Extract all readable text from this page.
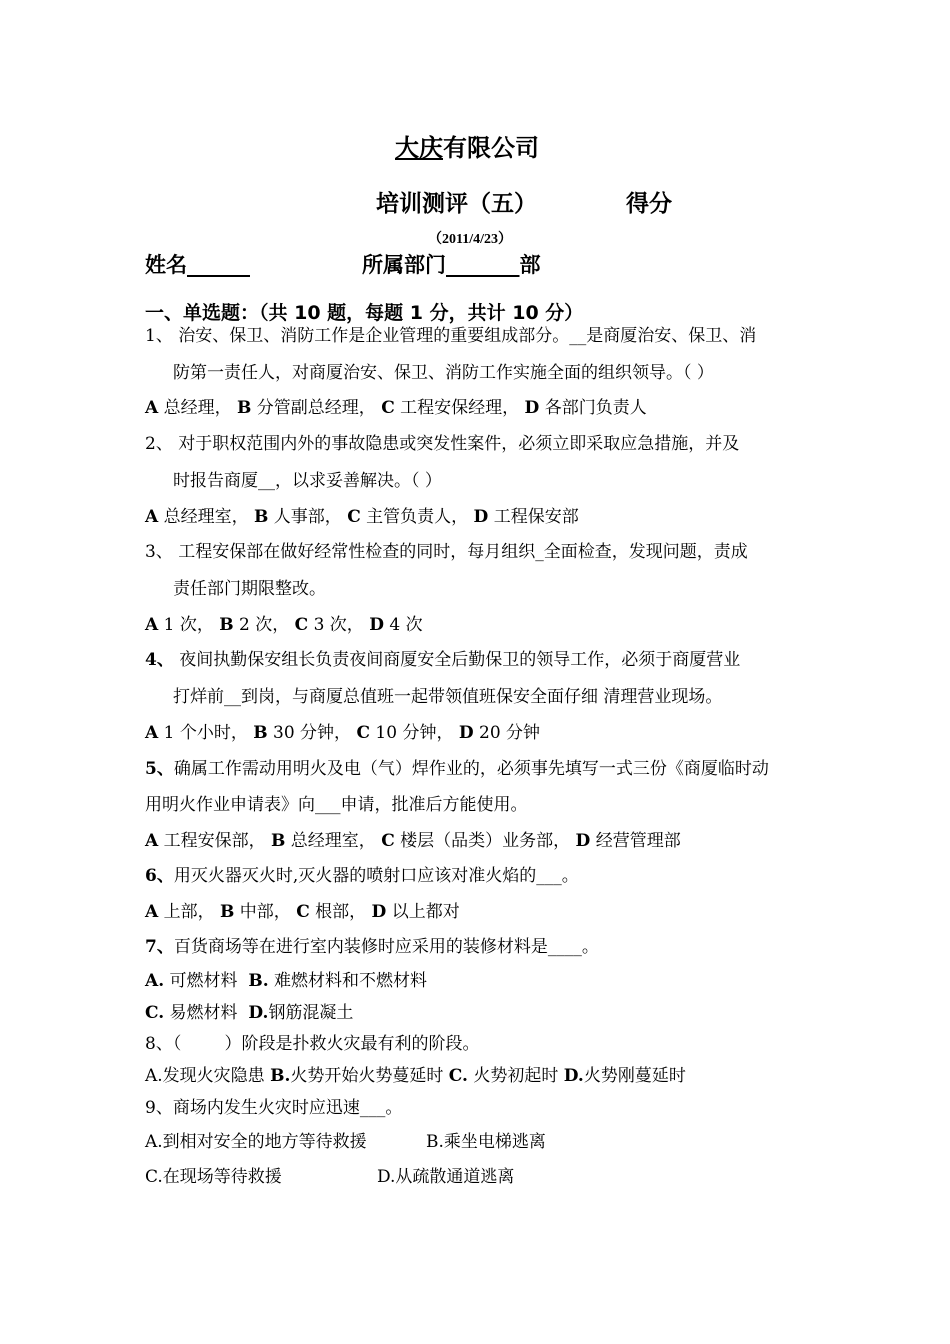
大庆有限公司
培训测评（五）	得分
（2011/4/23）
姓名______	所属部门_______部
一、单选题：（共 10 题，每题 1 分，共计 10 分）
1、 治安、保卫、消防工作是企业管理的重要组成部分。__是商厦治安、保卫、消
防第一责任人，对商厦治安、保卫、消防工作实施全面的组织领导。（ ）
A 总经理， B 分管副总经理， C 工程安保经理， D 各部门负责人
2、 对于职权范围内外的事故隐患或突发性案件，必须立即采取应急措施，并及
时报告商厦__，以求妥善解决。（ ）
A 总经理室， B 人事部， C 主管负责人， D 工程保安部
3、 工程安保部在做好经常性检查的同时，每月组织_全面检查，发现问题，责成
责任部门期限整改。
A 1 次， B 2 次， C 3 次， D 4 次
4、 夜间执勤保安组长负责夜间商厦安全后勤保卫的领导工作，必须于商厦营业
打烊前__到岗，与商厦总值班一起带领值班保安全面仔细 清理营业现场。
A 1 个小时， B 30 分钟， C 10 分钟， D 20 分钟
5、确属工作需动用明火及电（气）焊作业的，必须事先填写一式三份《商厦临时动
用明火作业申请表》向___申请，批准后方能使用。
A 工程安保部， B 总经理室， C 楼层（品类）业务部， D 经营管理部
6、用灭火器灭火时,灭火器的喷射口应该对准火焰的___。
A 上部， B 中部， C 根部， D 以上都对
7、百货商场等在进行室内装修时应采用的装修材料是____。
A. 可燃材料  B. 难燃材料和不燃材料
C. 易燃材料  D.钢筋混凝土
8、（        ）阶段是扑救火灾最有利的阶段。
A.发现火灾隐患 B.火势开始火势蔓延时 C. 火势初起时 D.火势刚蔓延时
9、商场内发生火灾时应迅速___。
A.到相对安全的地方等待救援	B.乘坐电梯逃离
C.在现场等待救援	D.从疏散通道逃离
